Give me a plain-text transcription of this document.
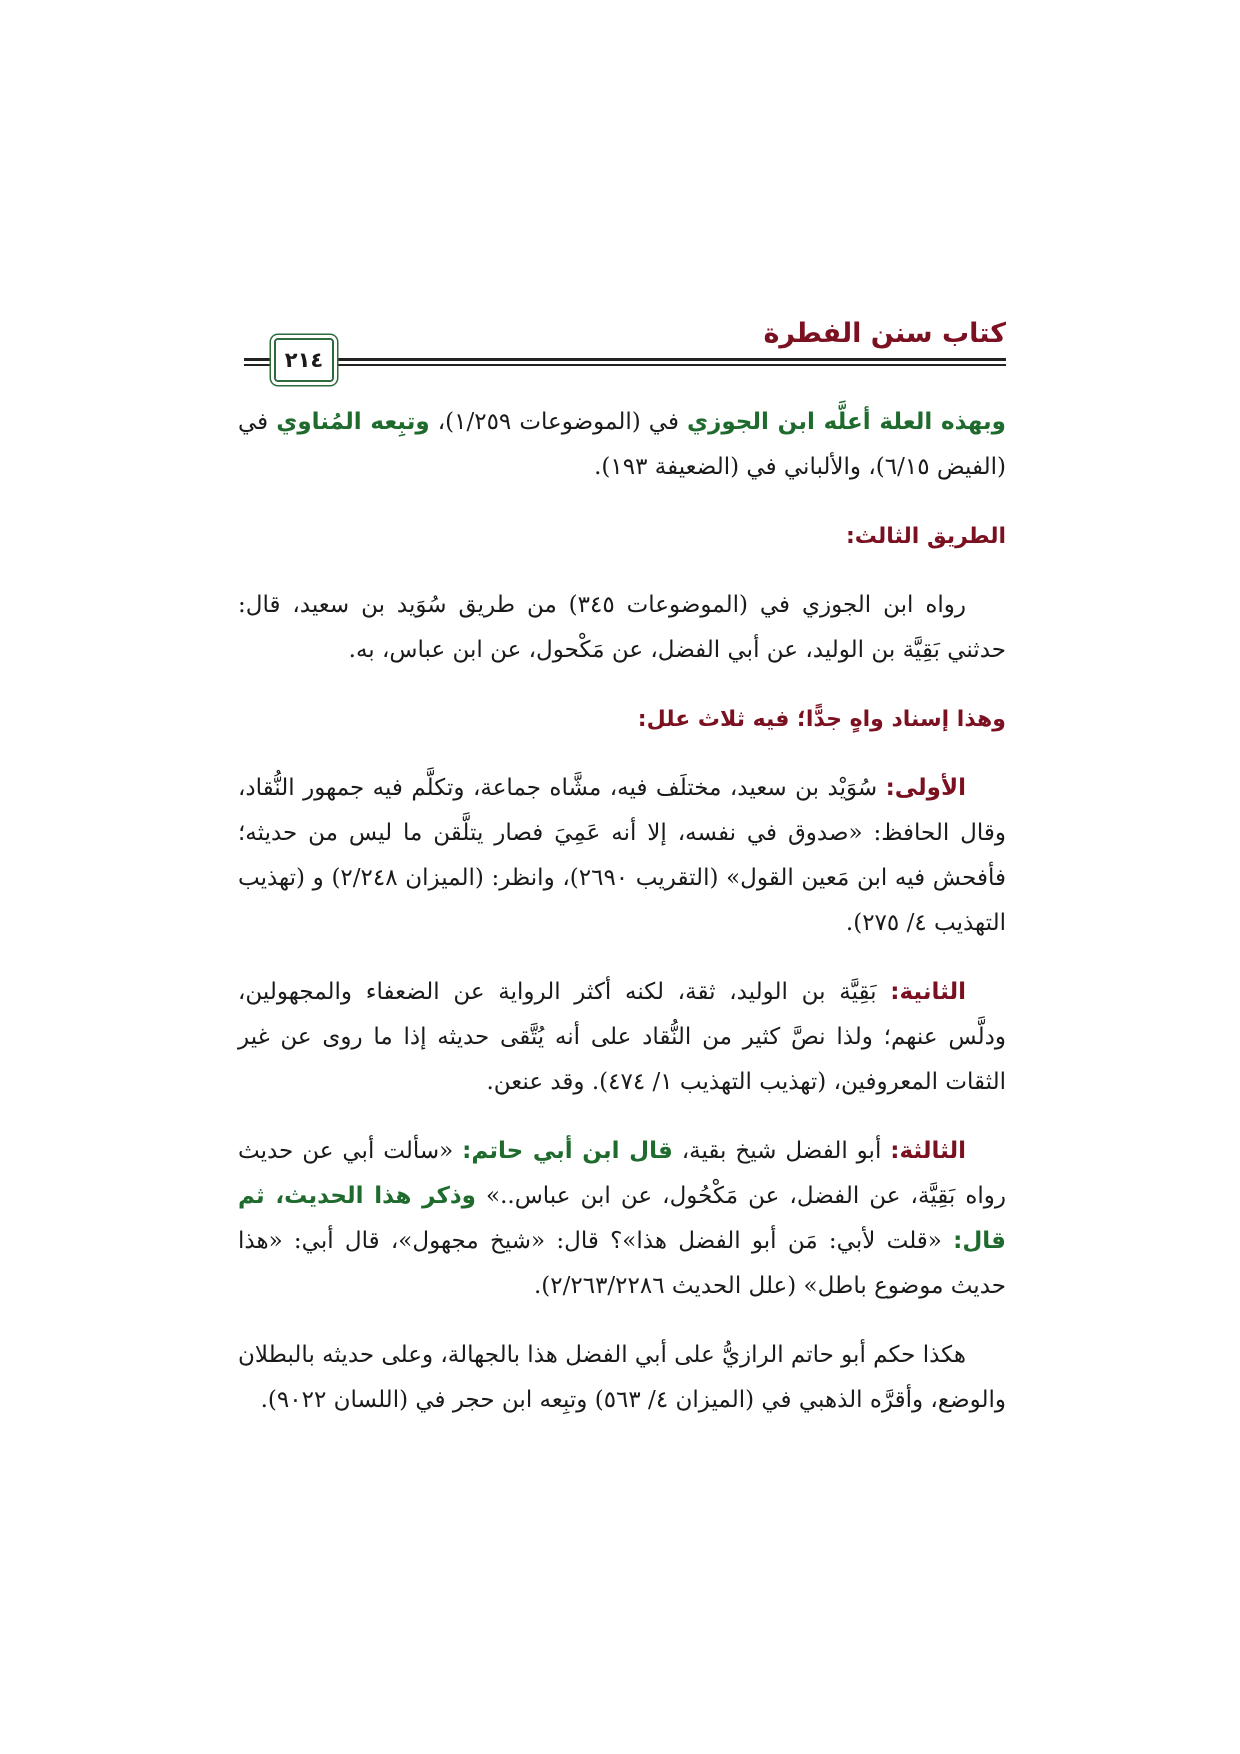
كتاب سنن الفطرة
٢١٤

وبهذه العلة أعلَّه ابن الجوزي في (الموضوعات ١/٢٥٩)، وتبِعه المُناوي في (الفيض ٦/١٥)، والألباني في (الضعيفة ١٩٣).

الطريق الثالث:

رواه ابن الجوزي في (الموضوعات ٣٤٥) من طريق سُوَيد بن سعيد، قال: حدثني بَقِيَّة بن الوليد، عن أبي الفضل، عن مَكْحول، عن ابن عباس، به.

وهذا إسناد واهٍ جدًّا؛ فيه ثلاث علل:

الأولى: سُوَيْد بن سعيد، مختلَف فيه، مشَّاه جماعة، وتكلَّم فيه جمهور النُّقاد، وقال الحافظ: «صدوق في نفسه، إلا أنه عَمِيَ فصار يتلَّقن ما ليس من حديثه؛ فأفحش فيه ابن مَعين القول» (التقريب ٢٦٩٠)، وانظر: (الميزان ٢/٢٤٨) و (تهذيب التهذيب ٤/ ٢٧٥).

الثانية: بَقِيَّة بن الوليد، ثقة، لكنه أكثر الرواية عن الضعفاء والمجهولين، ودلَّس عنهم؛ ولذا نصَّ كثير من النُّقاد على أنه يُتَّقى حديثه إذا ما روى عن غير الثقات المعروفين، (تهذيب التهذيب ١/ ٤٧٤). وقد عنعن.

الثالثة: أبو الفضل شيخ بقية، قال ابن أبي حاتم: «سألت أبي عن حديث رواه بَقِيَّة، عن الفضل، عن مَكْحُول، عن ابن عباس..» وذكر هذا الحديث، ثم قال: «قلت لأبي: مَن أبو الفضل هذا»؟ قال: «شيخ مجهول»، قال أبي: «هذا حديث موضوع باطل» (علل الحديث ٢/٢٦٣/٢٢٨٦).

هكذا حكم أبو حاتم الرازيُّ على أبي الفضل هذا بالجهالة، وعلى حديثه بالبطلان والوضع، وأقرَّه الذهبي في (الميزان ٤/ ٥٦٣) وتبِعه ابن حجر في (اللسان ٩٠٢٢).
